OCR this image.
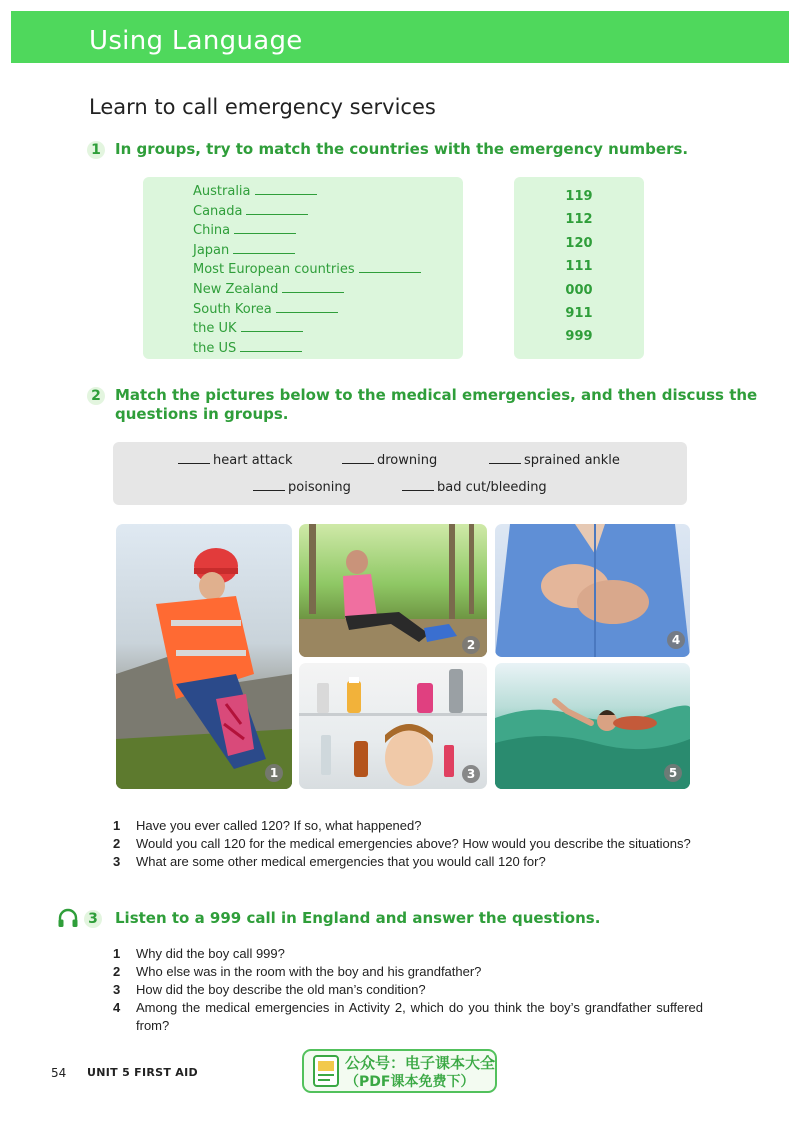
Using Language
Learn to call emergency services
1 In groups, try to match the countries with the emergency numbers.
Australia
Canada
China
Japan
Most European countries
New Zealand
South Korea
the UK
the US
119
112
120
111
000
911
999
2 Match the pictures below to the medical emergencies, and then discuss the
questions in groups.
heart attack	drowning	sprained ankle
poisoning	bad cut/bleeding
1
2
3
4
5
1 Have you ever called 120? If so, what happened?
2 Would you call 120 for the medical emergencies above? How would you describe the situations?
3 What are some other medical emergencies that you would call 120 for?
3 Listen to a 999 call in England and answer the questions.
1 Why did the boy call 999?
2 Who else was in the room with the boy and his grandfather?
3 How did the boy describe the old man’s condition?
4 Among the medical emergencies in Activity 2, which do you think the boy’s grandfather suffered from?
54 UNIT 5 FIRST AID
公众号：电子课本大全
（PDF课本免费下）
